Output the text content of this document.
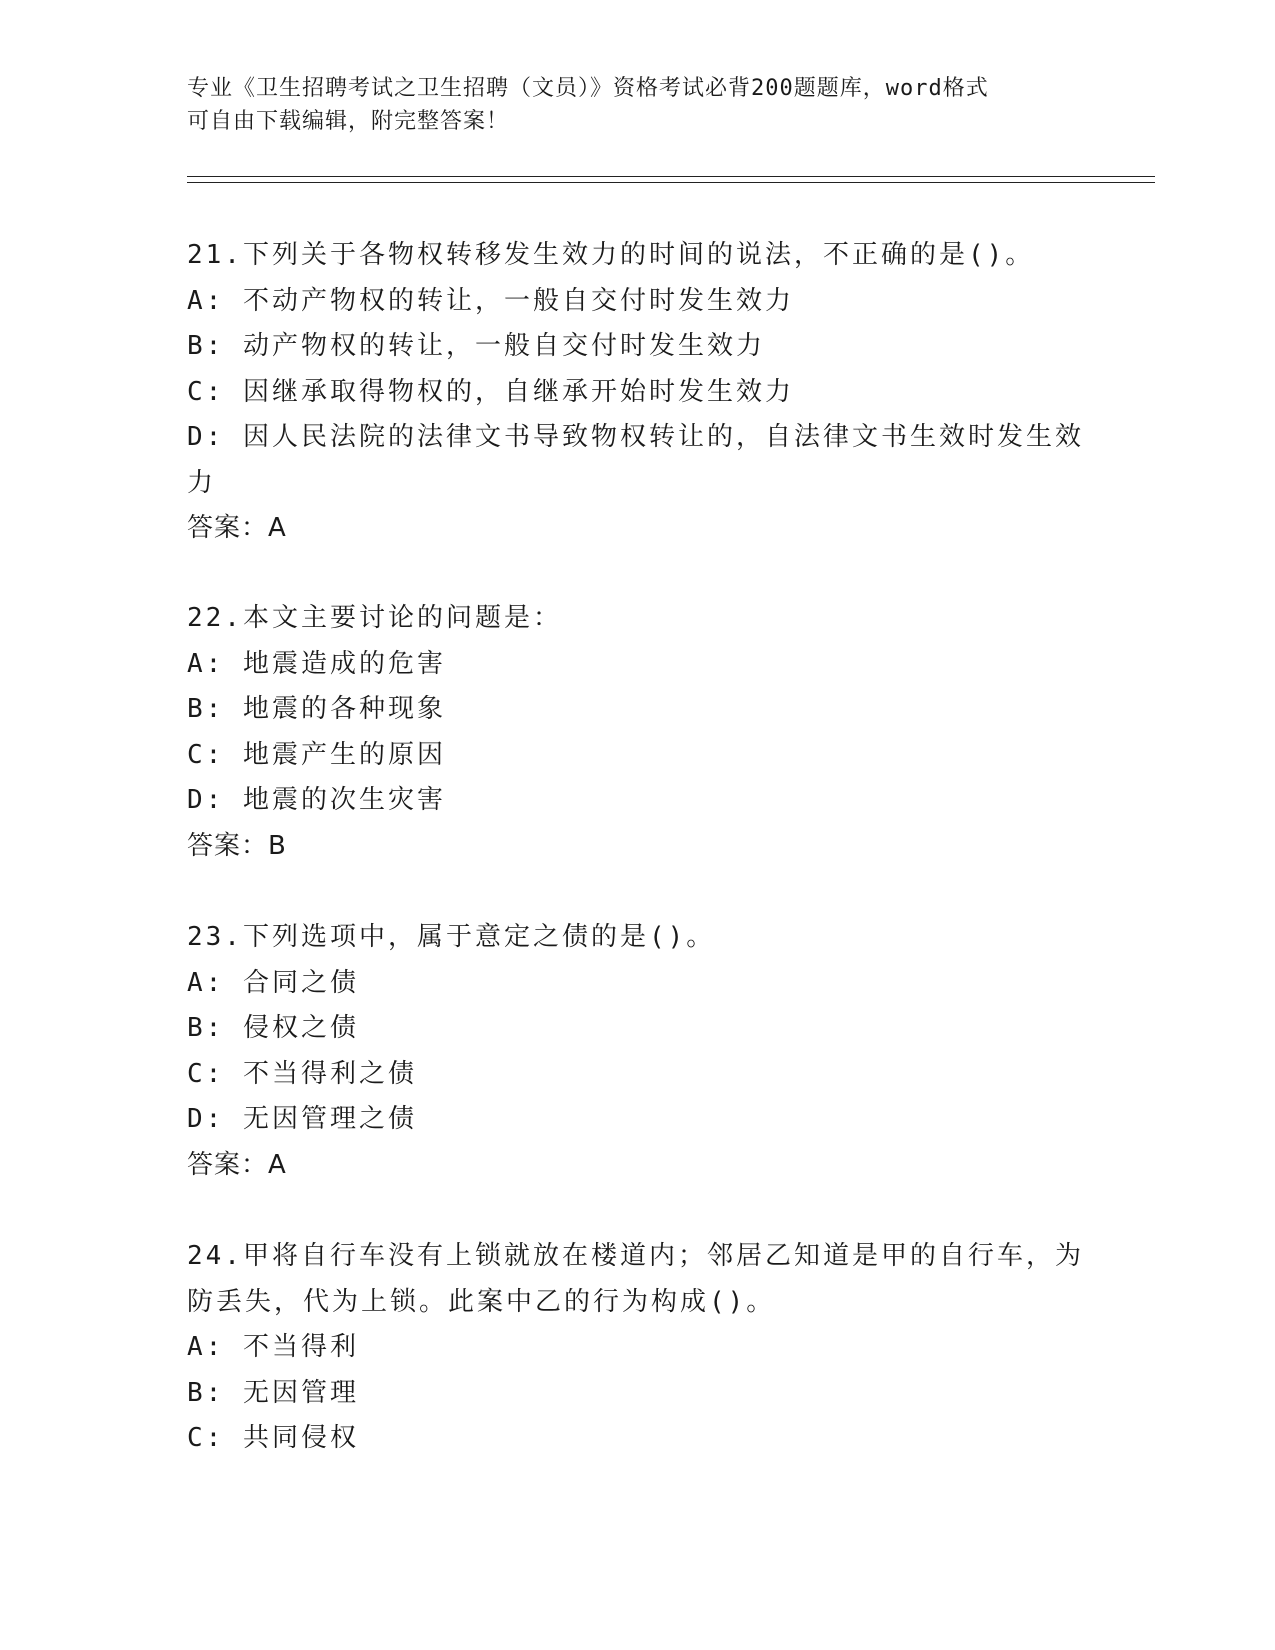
专业《卫生招聘考试之卫生招聘（文员）》资格考试必背200题题库，word格式
可自由下载编辑，附完整答案！
21.下列关于各物权转移发生效力的时间的说法，不正确的是()。
A: 不动产物权的转让，一般自交付时发生效力
B: 动产物权的转让，一般自交付时发生效力
C: 因继承取得物权的，自继承开始时发生效力
D: 因人民法院的法律文书导致物权转让的，自法律文书生效时发生效力
答案：A
22.本文主要讨论的问题是：
A: 地震造成的危害
B: 地震的各种现象
C: 地震产生的原因
D: 地震的次生灾害
答案：B
23.下列选项中，属于意定之债的是()。
A: 合同之债
B: 侵权之债
C: 不当得利之债
D: 无因管理之债
答案：A
24.甲将自行车没有上锁就放在楼道内；邻居乙知道是甲的自行车，为防丢失，代为上锁。此案中乙的行为构成()。
A: 不当得利
B: 无因管理
C: 共同侵权
